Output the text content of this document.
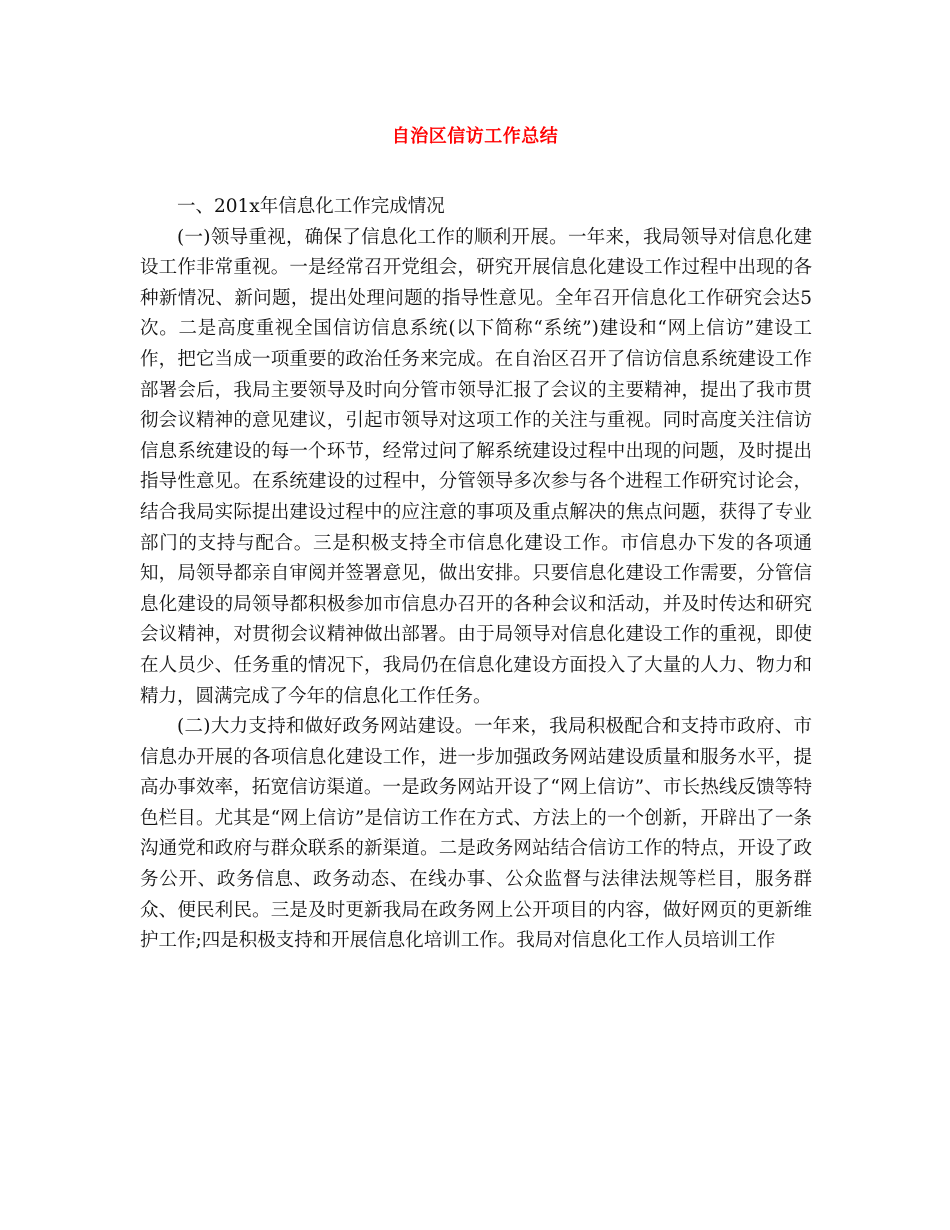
自治区信访工作总结

一、201x年信息化工作完成情况

(一)领导重视，确保了信息化工作的顺利开展。一年来，我局领导对信息化建设工作非常重视。一是经常召开党组会，研究开展信息化建设工作过程中出现的各种新情况、新问题，提出处理问题的指导性意见。全年召开信息化工作研究会达5次。二是高度重视全国信访信息系统(以下简称“系统”)建设和“网上信访”建设工作，把它当成一项重要的政治任务来完成。在自治区召开了信访信息系统建设工作部署会后，我局主要领导及时向分管市领导汇报了会议的主要精神，提出了我市贯彻会议精神的意见建议，引起市领导对这项工作的关注与重视。同时高度关注信访信息系统建设的每一个环节，经常过问了解系统建设过程中出现的问题，及时提出指导性意见。在系统建设的过程中，分管领导多次参与各个进程工作研究讨论会，结合我局实际提出建设过程中的应注意的事项及重点解决的焦点问题，获得了专业部门的支持与配合。三是积极支持全市信息化建设工作。市信息办下发的各项通知，局领导都亲自审阅并签署意见，做出安排。只要信息化建设工作需要，分管信息化建设的局领导都积极参加市信息办召开的各种会议和活动，并及时传达和研究会议精神，对贯彻会议精神做出部署。由于局领导对信息化建设工作的重视，即使在人员少、任务重的情况下，我局仍在信息化建设方面投入了大量的人力、物力和精力，圆满完成了今年的信息化工作任务。

(二)大力支持和做好政务网站建设。一年来，我局积极配合和支持市政府、市信息办开展的各项信息化建设工作，进一步加强政务网站建设质量和服务水平，提高办事效率，拓宽信访渠道。一是政务网站开设了“网上信访”、市长热线反馈等特色栏目。尤其是“网上信访”是信访工作在方式、方法上的一个创新，开辟出了一条沟通党和政府与群众联系的新渠道。二是政务网站结合信访工作的特点，开设了政务公开、政务信息、政务动态、在线办事、公众监督与法律法规等栏目，服务群众、便民利民。三是及时更新我局在政务网上公开项目的内容，做好网页的更新维护工作;四是积极支持和开展信息化培训工作。我局对信息化工作人员培训工作
